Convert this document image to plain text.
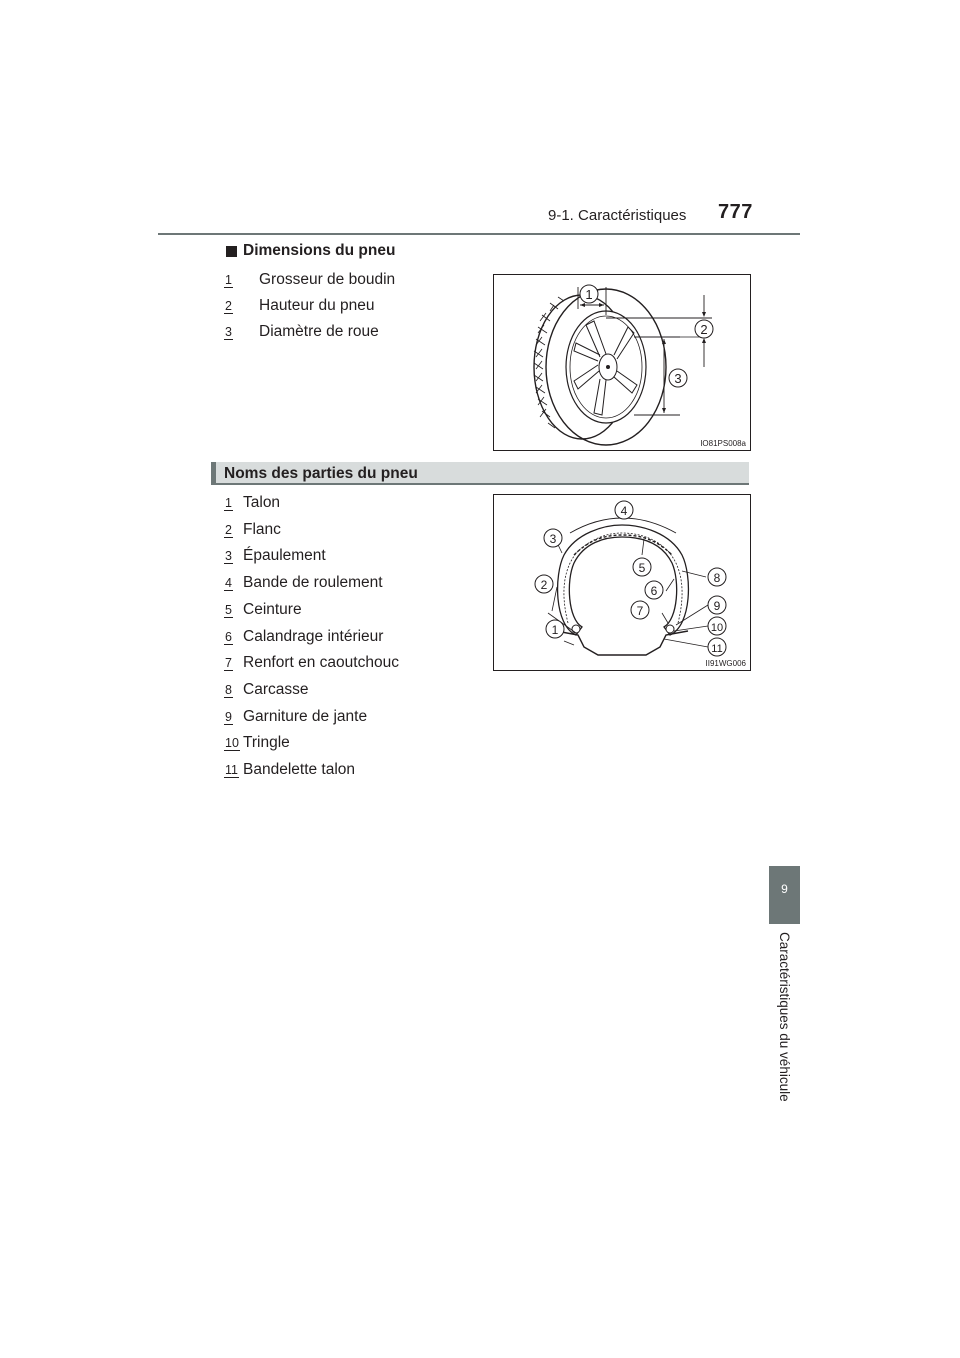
9-1. Caractéristiques 777
9
Caractéristiques du véhicule
Dimensions du pneu
1 Grosseur de boudin
2 Hauteur du pneu
3 Diamètre de roue
1
2
3
IO81PS008a
Noms des parties du pneu
1 Talon
2 Flanc
3 Épaulement
4 Bande de roulement
5 Ceinture
6 Calandrage intérieur
7 Renfort en caoutchouc
8 Carcasse
9 Garniture de jante
10 Tringle
11 Bandelette talon
1
2
3
4
5
6
7
8
9
10
11
II91WG006
